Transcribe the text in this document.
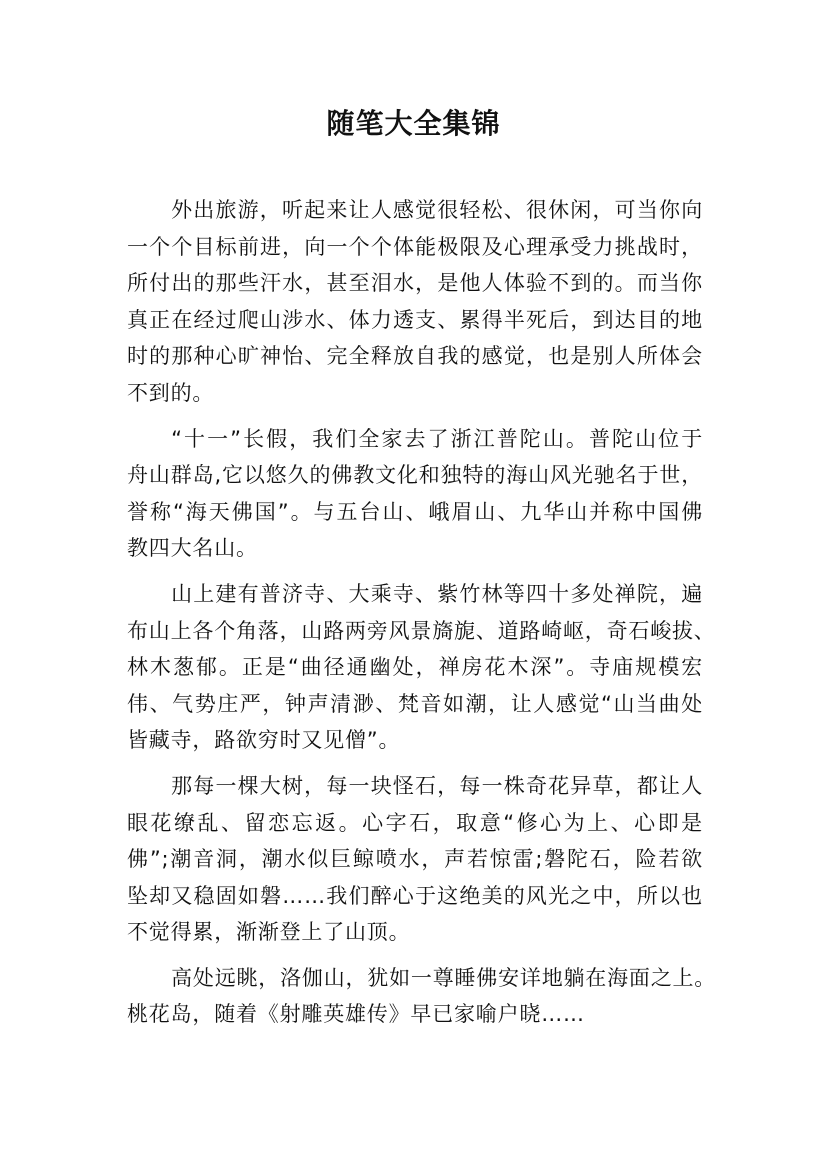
随笔大全集锦
外出旅游，听起来让人感觉很轻松、很休闲，可当你向
一个个目标前进，向一个个体能极限及心理承受力挑战时，
所付出的那些汗水，甚至泪水，是他人体验不到的。而当你
真正在经过爬山涉水、体力透支、累得半死后，到达目的地
时的那种心旷神怡、完全释放自我的感觉，也是别人所体会
不到的。
“十一”长假，我们全家去了浙江普陀山。普陀山位于
舟山群岛,它以悠久的佛教文化和独特的海山风光驰名于世，
誉称“海天佛国”。与五台山、峨眉山、九华山并称中国佛
教四大名山。
山上建有普济寺、大乘寺、紫竹林等四十多处禅院，遍
布山上各个角落，山路两旁风景旖旎、道路崎岖，奇石峻拔、
林木葱郁。正是“曲径通幽处，禅房花木深”。寺庙规模宏
伟、气势庄严，钟声清渺、梵音如潮，让人感觉“山当曲处
皆藏寺，路欲穷时又见僧”。
那每一棵大树，每一块怪石，每一株奇花异草，都让人
眼花缭乱、留恋忘返。心字石，取意“修心为上、心即是
佛”;潮音洞，潮水似巨鲸喷水，声若惊雷;磐陀石，险若欲
坠却又稳固如磐……我们醉心于这绝美的风光之中，所以也
不觉得累，渐渐登上了山顶。
高处远眺，洛伽山，犹如一尊睡佛安详地躺在海面之上。
桃花岛，随着《射雕英雄传》早已家喻户晓……
